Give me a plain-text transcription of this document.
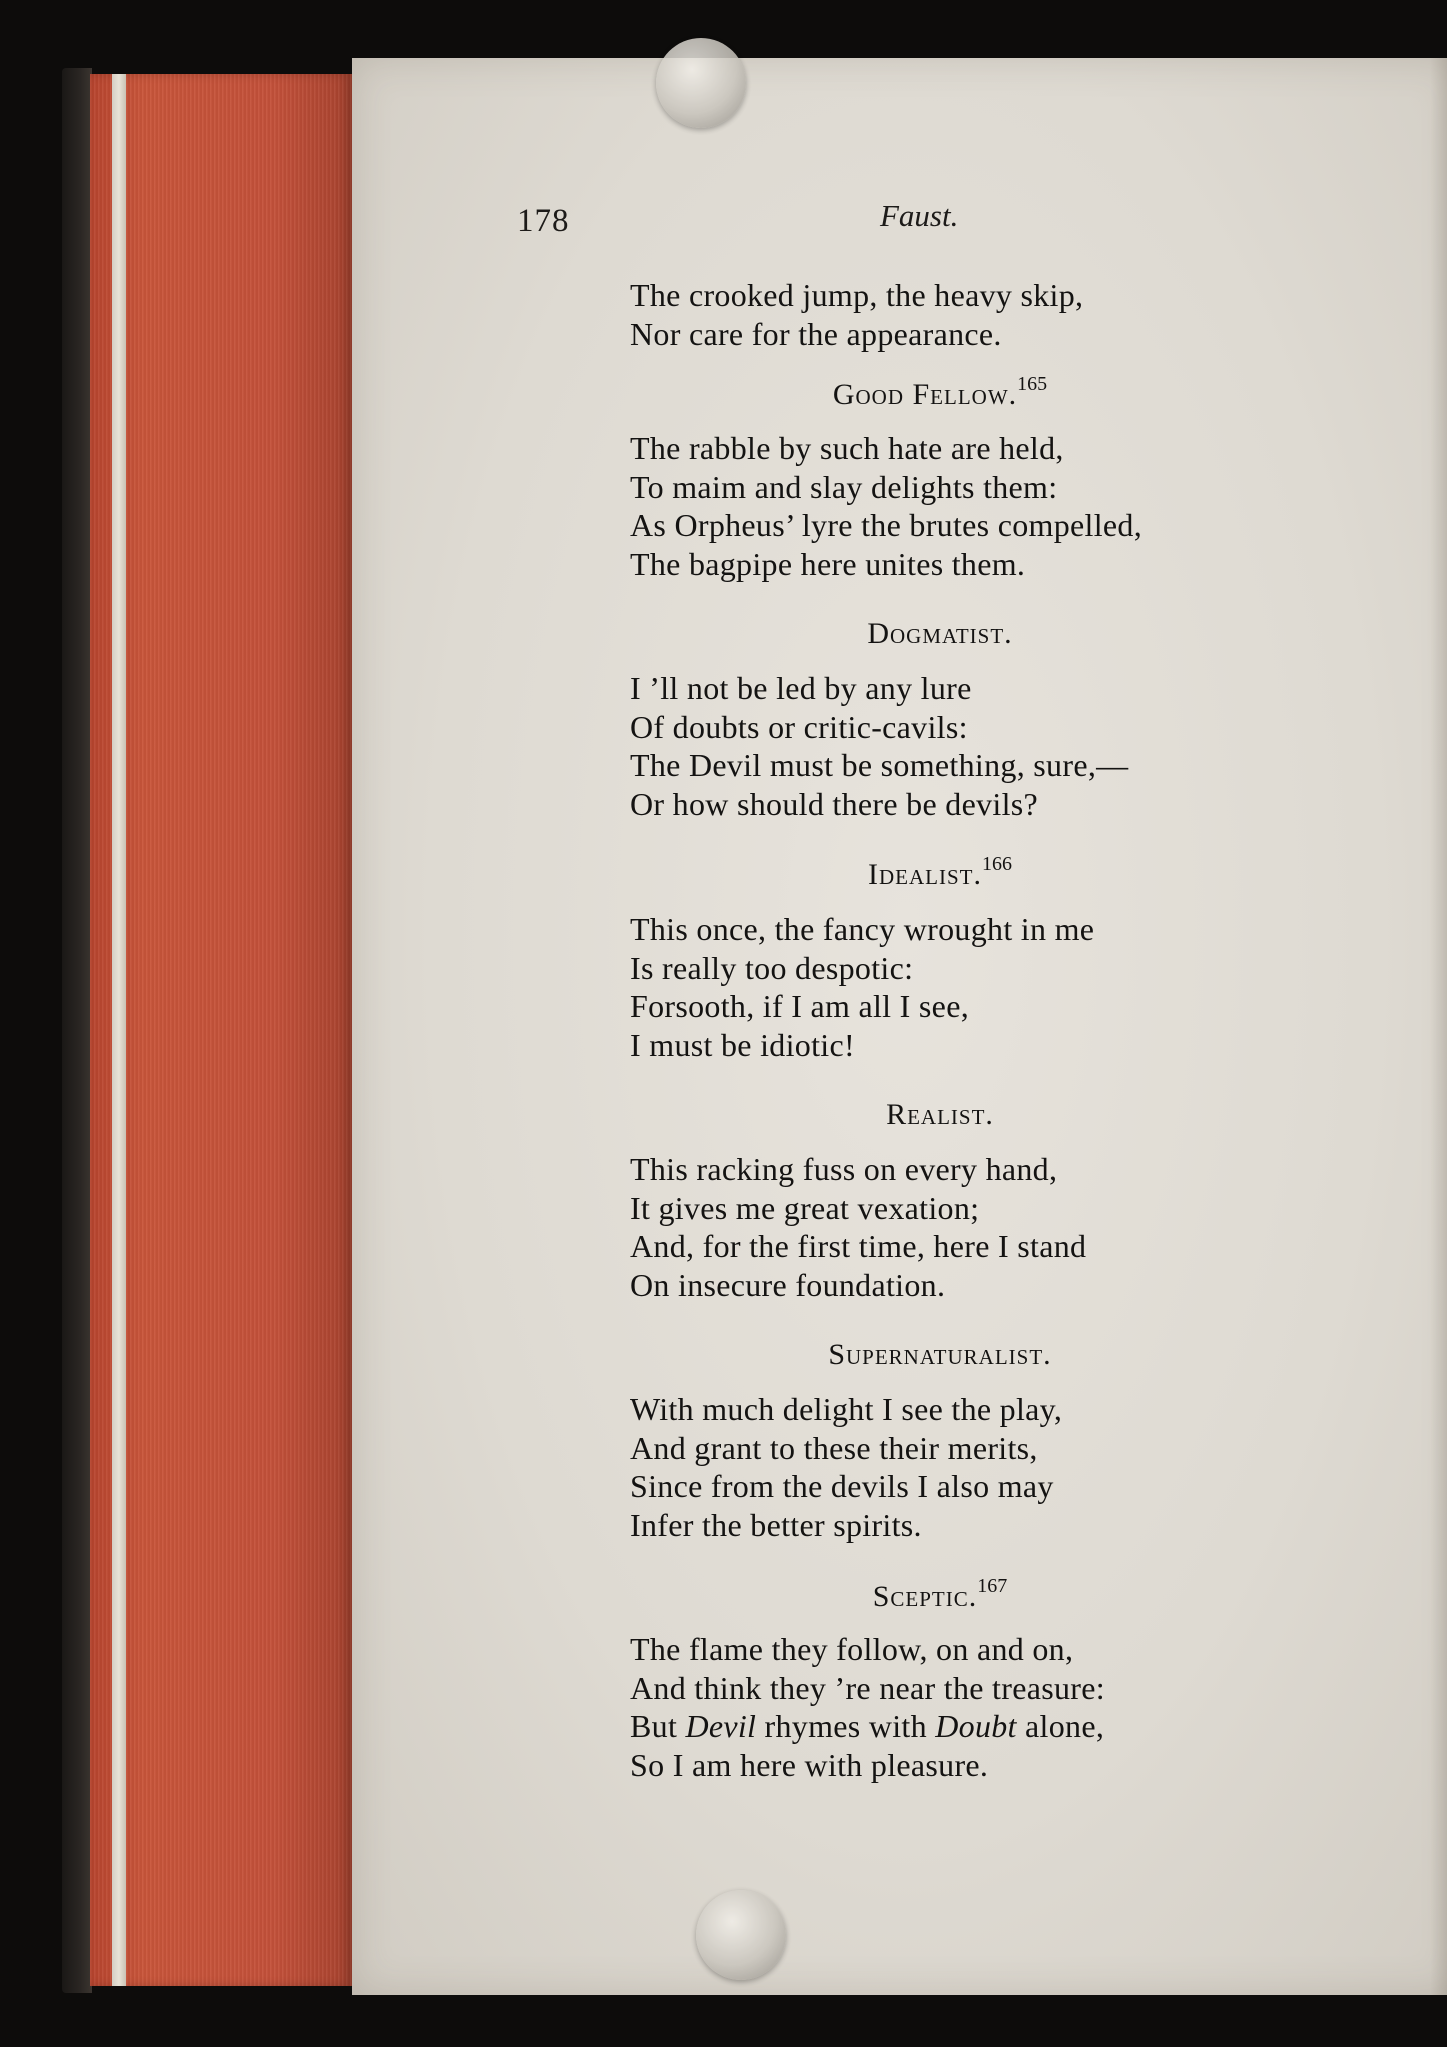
178	Faust.
The crooked jump, the heavy skip,
Nor care for the appearance.
Good Fellow.$^{165}$
The rabble by such hate are held,
To maim and slay delights them:
As Orpheus’ lyre the brutes compelled,
The bagpipe here unites them.
Dogmatist.
I ’ll not be led by any lure
Of doubts or critic-cavils:
The Devil must be something, sure,—
Or how should there be devils?
Idealist.$^{166}$
This once, the fancy wrought in me
Is really too despotic:
Forsooth, if I am all I see,
I must be idiotic!
Realist.
This racking fuss on every hand,
It gives me great vexation;
And, for the first time, here I stand
On insecure foundation.
Supernaturalist.
With much delight I see the play,
And grant to these their merits,
Since from the devils I also may
Infer the better spirits.
Sceptic.$^{167}$
The flame they follow, on and on,
And think they ’re near the treasure:
But Devil rhymes with Doubt alone,
So I am here with pleasure.
